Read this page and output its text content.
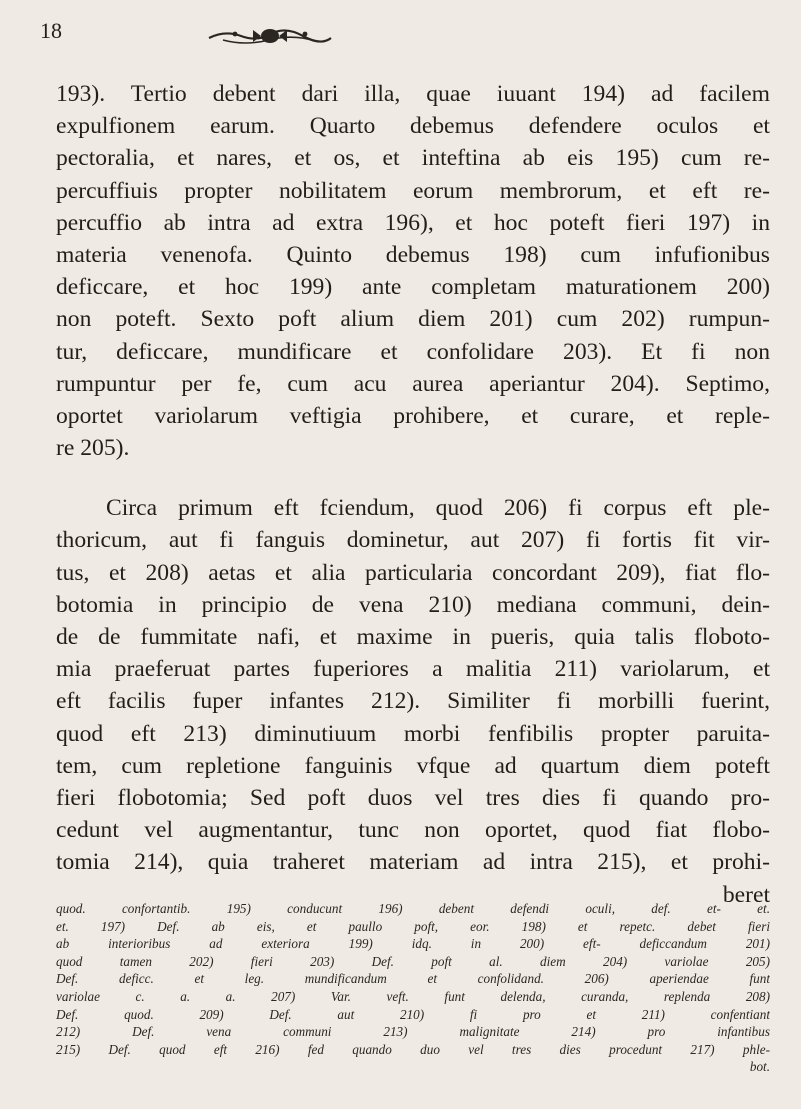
18
193). Tertio debent dari illa, quae iuuant 194) ad facilem
expulfionem earum. Quarto debemus defendere oculos et
pectoralia, et nares, et os, et inteftina ab eis 195) cum re-
percuffiuis propter nobilitatem eorum membrorum, et eft re-
percuffio ab intra ad extra 196), et hoc poteft fieri 197) in
materia venenofa. Quinto debemus 198) cum infufionibus
deficcare, et hoc 199) ante completam maturationem 200)
non poteft. Sexto poft alium diem 201) cum 202) rumpun-
tur, deficcare, mundificare et confolidare 203). Et fi non
rumpuntur per fe, cum acu aurea aperiantur 204). Septimo,
oportet variolarum veftigia prohibere, et curare, et reple-
re 205).
Circa primum eft fciendum, quod 206) fi corpus eft ple-
thoricum, aut fi fanguis dominetur, aut 207) fi fortis fit vir-
tus, et 208) aetas et alia particularia concordant 209), fiat flo-
botomia in principio de vena 210) mediana communi, dein-
de de fummitate nafi, et maxime in pueris, quia talis floboto-
mia praeferuat partes fuperiores a malitia 211) variolarum, et
eft facilis fuper infantes 212). Similiter fi morbilli fuerint,
quod eft 213) diminutiuum morbi fenfibilis propter paruita-
tem, cum repletione fanguinis vfque ad quartum diem poteft
fieri flobotomia; Sed poft duos vel tres dies fi quando pro-
cedunt vel augmentantur, tunc non oportet, quod fiat flobo-
tomia 214), quia traheret materiam ad intra 215), et prohi-
beret
quod. confortantib. 195) conducunt 196) debent defendi oculi, def. et- et.
et. 197) Def. ab eis, et paullo poft, eor. 198) et repetc. debet fieri
ab interioribus ad exteriora 199) idq. in 200) eft- deficcandum 201)
quod tamen 202) fieri 203) Def. poft al. diem 204) variolae 205)
Def. deficc. et leg. mundificandum et confolidand. 206) aperiendae funt
variolae c. a. a. 207) Var. veft. funt delenda, curanda, replenda 208)
Def. quod. 209) Def. aut 210) fi pro et 211) confentiant
212) Def. vena communi 213) malignitate 214) pro infantibus
215) Def. quod eft 216) fed quando duo vel tres dies procedunt 217) phle-
bot.
